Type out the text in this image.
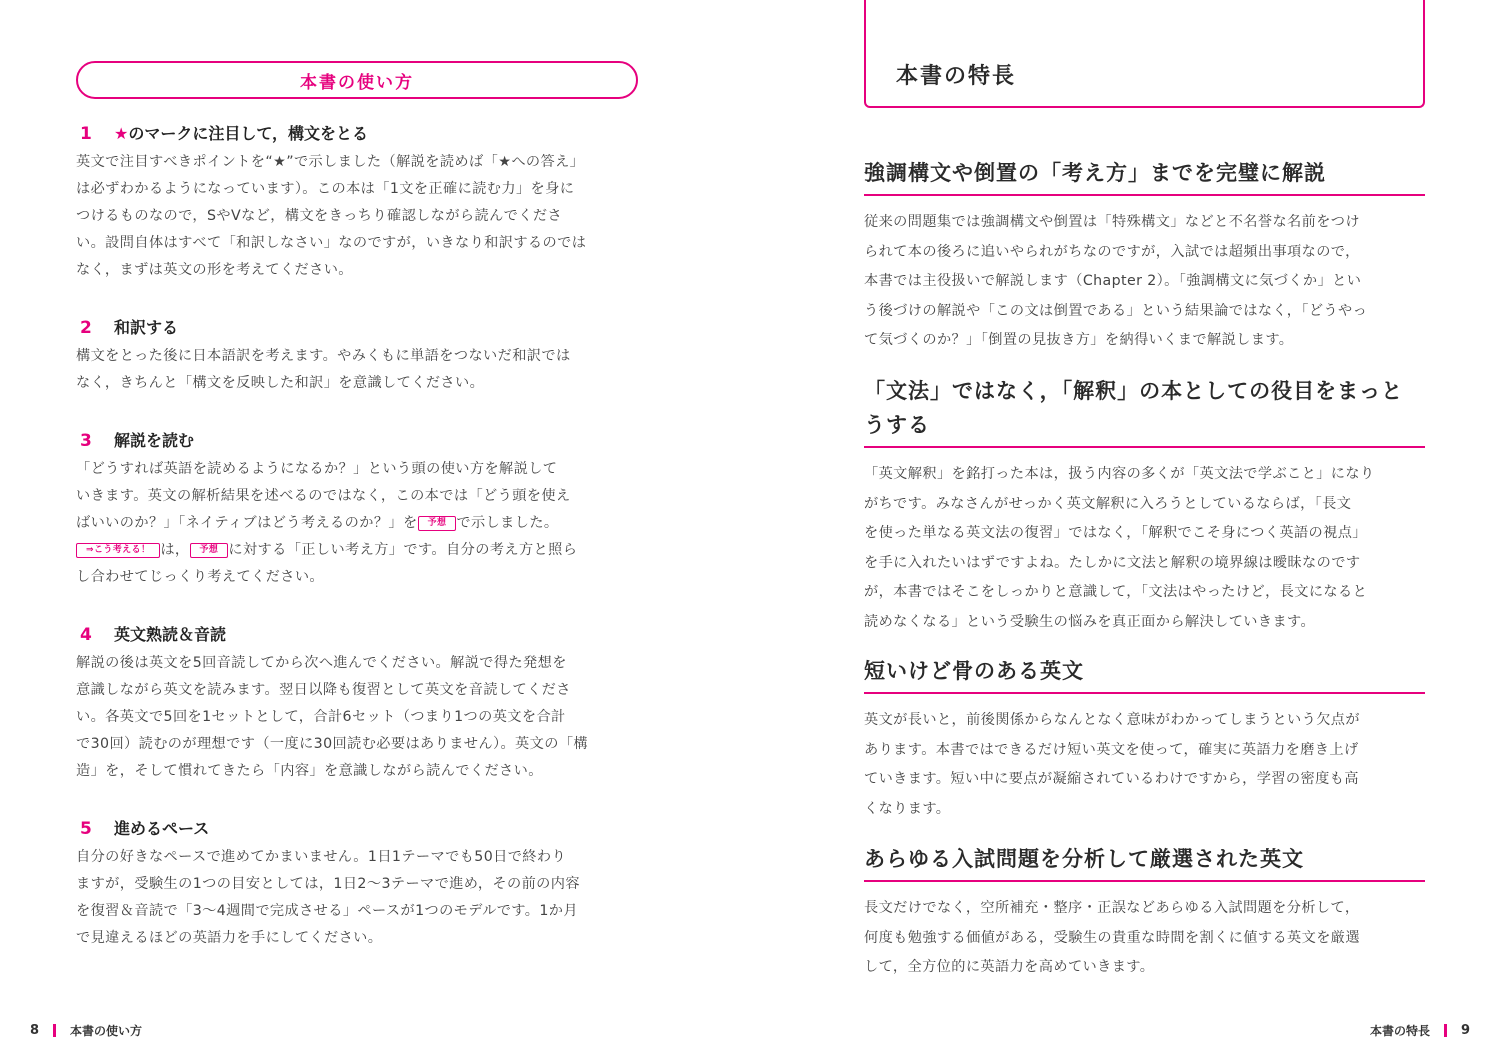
本書の使い方
1	★のマークに注目して，構文をとる

英文で注目すべきポイントを“★”で示しました（解説を読めば「★への答え」

は必ずわかるようになっています）。この本は「1文を正確に読む力」を身に

つけるものなので，SやVなど，構文をきっちり確認しながら読んでくださ

い。設問自体はすべて「和訳しなさい」なのですが，いきなり和訳するのでは

なく，まずは英文の形を考えてください。

2	和訳する

構文をとった後に日本語訳を考えます。やみくもに単語をつないだ和訳では

なく，きちんと「構文を反映した和訳」を意識してください。

3	解説を読む

「どうすれば英語を読めるようになるか？」という頭の使い方を解説して

いきます。英文の解析結果を述べるのではなく，この本では「どう頭を使え

ばいいのか？」「ネイティブはどう考えるのか？」を 予想 で示しました。

⇒こう考える！ は， 予想 に対する「正しい考え方」です。自分の考え方と照ら

し合わせてじっくり考えてください。

4	英文熟読＆音読

解説の後は英文を5回音読してから次へ進んでください。解説で得た発想を

意識しながら英文を読みます。翌日以降も復習として英文を音読してくださ

い。各英文で5回を1セットとして，合計6セット（つまり1つの英文を合計

で30回）読むのが理想です（一度に30回読む必要はありません）。英文の「構

造」を，そして慣れてきたら「内容」を意識しながら読んでください。

5	進めるペース

自分の好きなペースで進めてかまいません。1日1テーマでも50日で終わり

ますが，受験生の1つの目安としては，1日2〜3テーマで進め，その前の内容

を復習＆音読で「3〜4週間で完成させる」ペースが1つのモデルです。1か月

で見違えるほどの英語力を手にしてください。

8	本書の使い方
本書の特長
強調構文や倒置の「考え方」までを完璧に解説

従来の問題集では強調構文や倒置は「特殊構文」などと不名誉な名前をつけ

られて本の後ろに追いやられがちなのですが，入試では超頻出事項なので，

本書では主役扱いで解説します（Chapter 2）。「強調構文に気づくか」とい

う後づけの解説や「この文は倒置である」という結果論ではなく，「どうやっ

て気づくのか？」「倒置の見抜き方」を納得いくまで解説します。

「文法」ではなく，「解釈」の本としての役目をまっと
うする

「英文解釈」を銘打った本は，扱う内容の多くが「英文法で学ぶこと」になり

がちです。みなさんがせっかく英文解釈に入ろうとしているならば，「長文

を使った単なる英文法の復習」ではなく，「解釈でこそ身につく英語の視点」

を手に入れたいはずですよね。たしかに文法と解釈の境界線は曖昧なのです

が，本書ではそこをしっかりと意識して，「文法はやったけど，長文になると

読めなくなる」という受験生の悩みを真正面から解決していきます。

短いけど骨のある英文

英文が長いと，前後関係からなんとなく意味がわかってしまうという欠点が

あります。本書ではできるだけ短い英文を使って，確実に英語力を磨き上げ

ていきます。短い中に要点が凝縮されているわけですから，学習の密度も高

くなります。

あらゆる入試問題を分析して厳選された英文

長文だけでなく，空所補充・整序・正誤などあらゆる入試問題を分析して，

何度も勉強する価値がある，受験生の貴重な時間を割くに値する英文を厳選

して，全方位的に英語力を高めていきます。

本書の特長 9
